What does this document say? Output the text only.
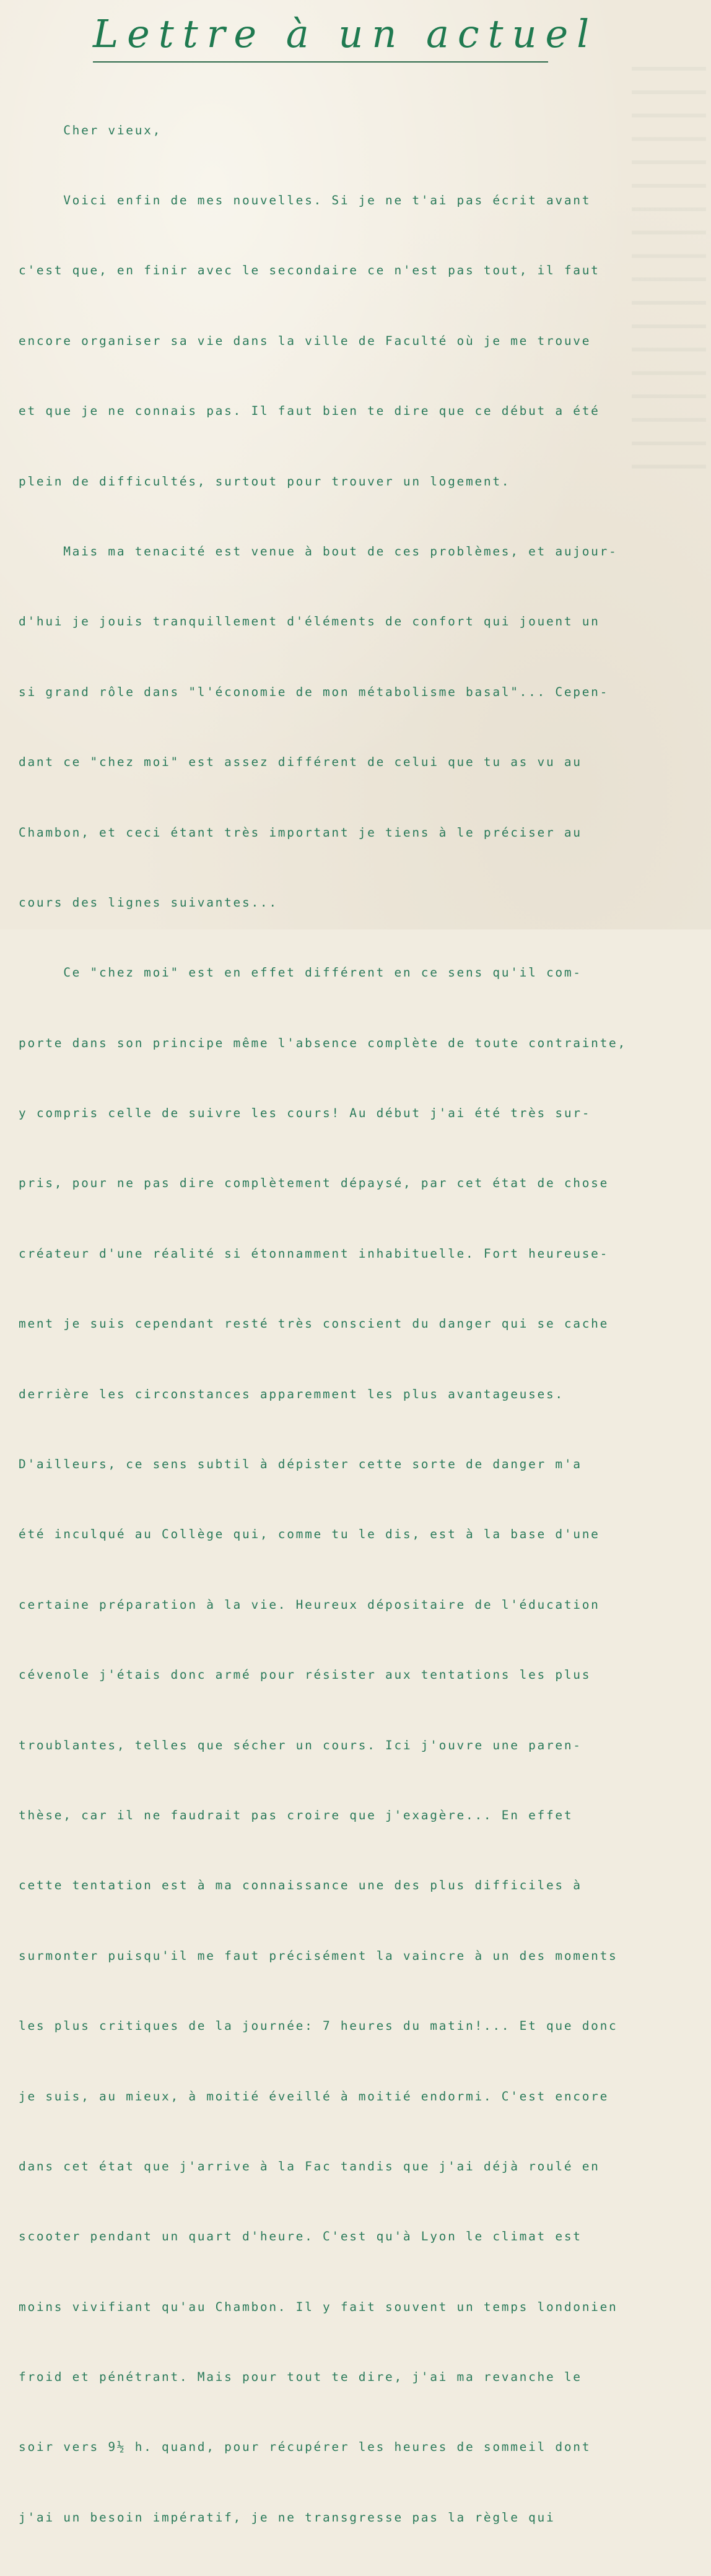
Lettre à un actuel

Cher vieux,

Voici enfin de mes nouvelles. Si je ne t'ai pas écrit avant

c'est que, en finir avec le secondaire ce n'est pas tout, il faut

encore organiser sa vie dans la ville de Faculté où je me trouve

et que je ne connais pas. Il faut bien te dire que ce début a été

plein de difficultés, surtout pour trouver un logement.

Mais ma tenacité est venue à bout de ces problèmes, et aujour-

d'hui je jouis tranquillement d'éléments de confort qui jouent un

si grand rôle dans "l'économie de mon métabolisme basal"... Cepen-

dant ce "chez moi" est assez différent de celui que tu as vu au

Chambon, et ceci étant très important je tiens à le préciser au

cours des lignes suivantes...

Ce "chez moi" est en effet différent en ce sens qu'il com-

porte dans son principe même l'absence complète de toute contrainte,

y compris celle de suivre les cours! Au début j'ai été très sur-

pris, pour ne pas dire complètement dépaysé, par cet état de chose

créateur d'une réalité si étonnamment inhabituelle. Fort heureuse-

ment je suis cependant resté très conscient du danger qui se cache

derrière les circonstances apparemment les plus avantageuses.

D'ailleurs, ce sens subtil à dépister cette sorte de danger m'a

été inculqué au Collège qui, comme tu le dis, est à la base d'une

certaine préparation à la vie. Heureux dépositaire de l'éducation

cévenole j'étais donc armé pour résister aux tentations les plus

troublantes, telles que sécher un cours. Ici j'ouvre une paren-

thèse, car il ne faudrait pas croire que j'exagère... En effet

cette tentation est à ma connaissance une des plus difficiles à

surmonter puisqu'il me faut précisément la vaincre à un des moments

les plus critiques de la journée: 7 heures du matin!... Et que donc

je suis, au mieux, à moitié éveillé à moitié endormi. C'est encore

dans cet état que j'arrive à la Fac tandis que j'ai déjà roulé en

scooter pendant un quart d'heure. C'est qu'à Lyon le climat est

moins vivifiant qu'au Chambon. Il y fait souvent un temps londonien

froid et pénétrant. Mais pour tout te dire, j'ai ma revanche le

soir vers 9½ h. quand, pour récupérer les heures de sommeil dont

j'ai un besoin impératif, je ne transgresse pas la règle qui
